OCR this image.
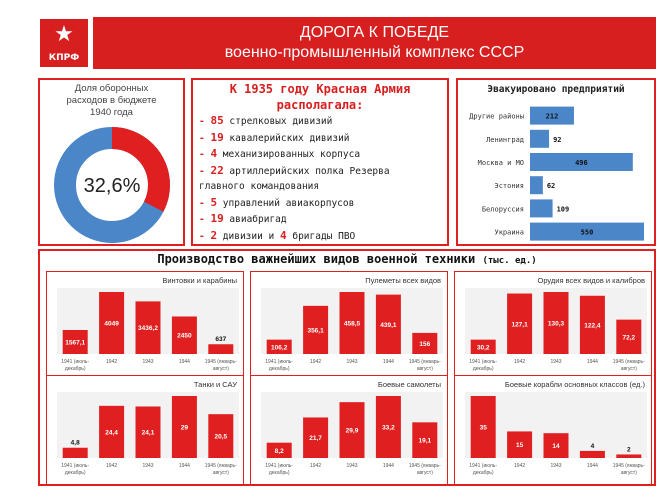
★
КПРФ
ДОРОГА К ПОБЕДЕ
военно-промышленный комплекс СССР
Доля оборонных
расходов в бюджете
1940 года
32,6%
К 1935 году Красная Армия
располагала:
- 85 стрелковых дивизий
- 19 кавалерийских дивизий
- 4 механизированных корпуса
- 22 артиллерийских полка Резерва
главного командования
- 5 управлений авиакорпусов
- 19 авиабригад
- 2 дивизии и 4 бригады ПВО
Эвакуировано предприятий
Другие районы	212
Ленинград	92
Москва и МО	496
Эстония	62
Белоруссия	109
Украина	550
Производство важнейших видов военной техники (тыс. ед.)
Винтовки и карабины
1567,1
1941 (июль-декабрь)
4049
1942
3436,2
1943
2450
1944
637
1945 (январь-август)
Пулеметы всех видов
106,2
1941 (июль-декабрь)
356,1
1942
458,5
1943
439,1
1944
156
1945 (январь-август)
Орудия всех видов и калибров
30,2
1941 (июль-декабрь)
127,1
1942
130,3
1943
122,4
1944
72,2
1945 (январь-август)
Танки и САУ
4,8
1941 (июль-декабрь)
24,4
1942
24,1
1943
29
1944
20,5
1945 (январь-август)
Боевые самолеты
8,2
1941 (июль-декабрь)
21,7
1942
29,9
1943
33,2
1944
19,1
1945 (январь-август)
Боевые корабли основных классов (ед.)
35
1941 (июль-декабрь)
15
1942
14
1943
4
1944
2
1945 (январь-август)
